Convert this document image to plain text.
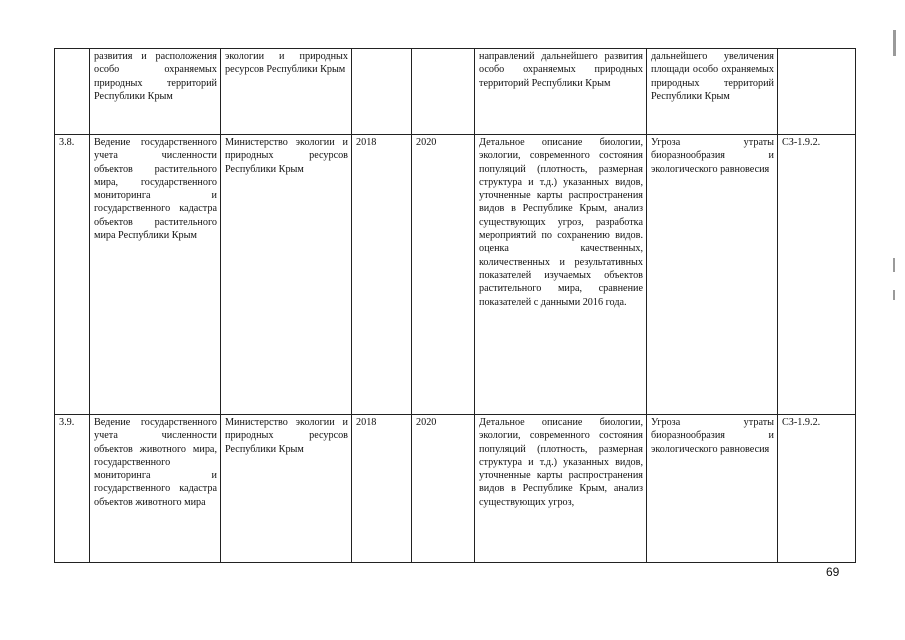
	развития и расположения особо охраняемых природных территорий Республики Крым	экологии и природных ресурсов Республики Крым			направлений дальнейшего развития особо охраняемых природных территорий Республики Крым	дальнейшего увеличения площади особо охраняемых природных территорий Республики Крым	
3.8.	Ведение государственного учета численности объектов растительного мира, государственного мониторинга и государственного кадастра объектов растительного мира Республики Крым	Министерство экологии и природных ресурсов Республики Крым	2018	2020	Детальное описание биологии, экологии, современного состояния популяций (плотность, размерная структура и т.д.) указанных видов, уточненные карты распространения видов в Республике Крым, анализ существующих угроз, разработка мероприятий по сохранению видов. оценка качественных, количественных и результативных показателей изучаемых объектов растительного мира, сравнение показателей с данными 2016 года.	Угроза утраты биоразнообразия и экологического равновесия	СЗ-1.9.2.
3.9.	Ведение государственного учета численности объектов животного мира, государственного мониторинга и государственного кадастра объектов животного мира	Министерство экологии и природных ресурсов Республики Крым	2018	2020	Детальное описание биологии, экологии, современного состояния популяций (плотность, размерная структура и т.д.) указанных видов, уточненные карты распространения видов в Республике Крым, анализ существующих угроз,	Угроза утраты биоразнообразия и экологического равновесия	СЗ-1.9.2.
69
